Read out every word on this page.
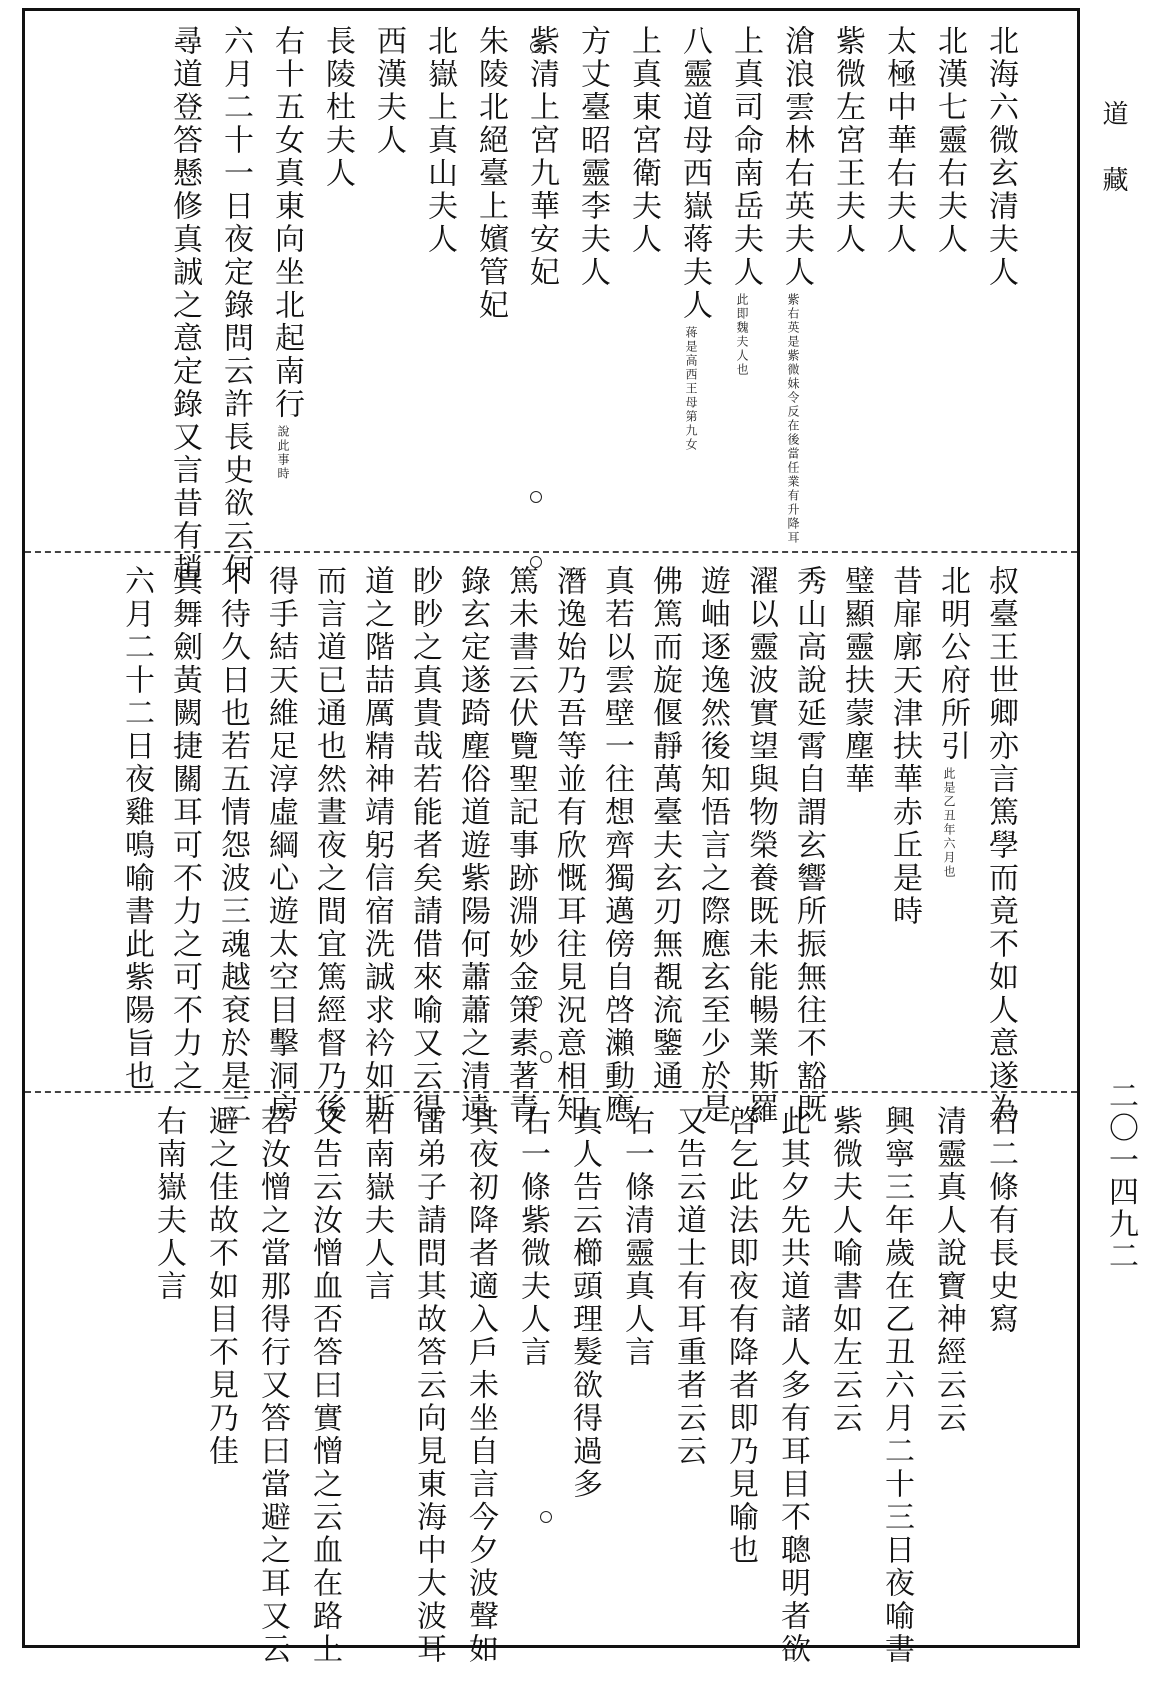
道藏
二〇一四九二
北海六微玄清夫人
北漢七靈右夫人
太極中華右夫人
紫微左宮王夫人
滄浪雲林右英夫人
紫右英是紫微妹令反在後當任業有升降耳
上真司命南岳夫人
此即魏夫人也
八靈道母西嶽蒋夫人
蒋是高西王母第九女
上真東宮衛夫人
方丈臺昭靈李夫人
紫清上宮九華安妃
朱陵北絕臺上嬪管妃
北嶽上真山夫人
西漢夫人
長陵杜夫人
右十五女真東向坐北起南行
說此事時
六月二十一日夜定錄問云許長史欲云何
尋道登答懸修真誠之意定錄又言昔有趙
叔臺王世卿亦言篤學而竟不如人意遂為
北明公府所引
此是乙丑年六月也
昔扉廓天津扶華赤丘是時
璧顯靈扶蒙塵華
秀山高說延霄自謂玄響所振無往不豁既
濯以靈波實望與物榮養既未能暢業斯羅
遊岫逐逸然後知悟言之際應玄至少於是
佛篤而旋偃靜萬臺夫玄刃無覩流鑒通
真若以雲壁一往想齊獨邁傍自啓瀨動應
潛逸始乃吾等並有欣慨耳往見況意相知
篤未書云伏覽聖記事跡淵妙金策素著青
錄玄定遂踦塵俗道遊紫陽何蕭蕭之清遠
眇眇之真貴哉若能者矣請借來喻又云得
道之階喆厲精神靖躬信宿洗誠求衿如斯
而言道已通也然晝夜之間宜篤經督乃後
得手結天維足淳虛綱心遊太空目擊洞房
不待久日也若五情怨波三魂越袞於是三
真舞劍黃闕捷關耳可不力之可不力之
六月二十二日夜雞鳴喻書此紫陽旨也
右二條有長史寫
清靈真人說寶神經云云
興寧三年歲在乙丑六月二十三日夜喻書
紫微夫人喻書如左云云
此其夕先共道諸人多有耳目不聰明者欲
啓乞此法即夜有降者即乃見喻也
又告云道士有耳重者云云
右一條清靈真人言
真人告云櫛頭理髮欲得過多
右一條紫微夫人言
其夜初降者適入戶未坐自言今夕波聲如
雷弟子請問其故答云向見東海中大波耳
右南嶽夫人言
又告云汝憎血否答曰實憎之云血在路上
若汝憎之當那得行又答曰當避之耳又云
避之佳故不如目不見乃佳
右南嶽夫人言
